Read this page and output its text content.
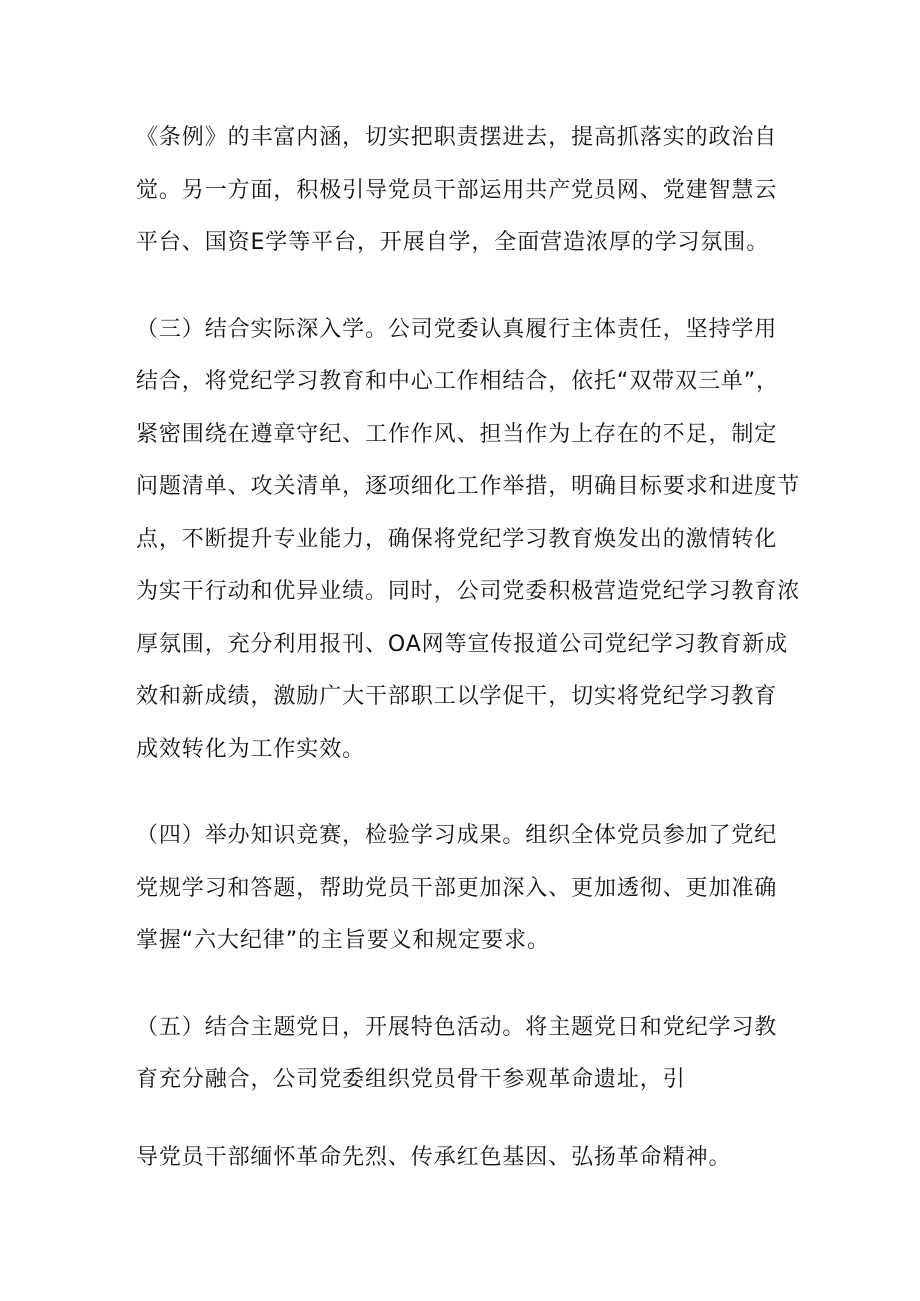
《条例》的丰富内涵，切实把职责摆进去，提高抓落实的政治自

觉。另一方面，积极引导党员干部运用共产党员网、党建智慧云

平台、国资E学等平台，开展自学，全面营造浓厚的学习氛围。

（三）结合实际深入学。公司党委认真履行主体责任，坚持学用

结合，将党纪学习教育和中心工作相结合，依托“双带双三单”，

紧密围绕在遵章守纪、工作作风、担当作为上存在的不足，制定

问题清单、攻关清单，逐项细化工作举措，明确目标要求和进度节

点，不断提升专业能力，确保将党纪学习教育焕发出的激情转化

为实干行动和优异业绩。同时，公司党委积极营造党纪学习教育浓

厚氛围，充分利用报刊、OA网等宣传报道公司党纪学习教育新成

效和新成绩，激励广大干部职工以学促干，切实将党纪学习教育

成效转化为工作实效。

（四）举办知识竞赛，检验学习成果。组织全体党员参加了党纪

党规学习和答题，帮助党员干部更加深入、更加透彻、更加准确

掌握“六大纪律”的主旨要义和规定要求。

（五）结合主题党日，开展特色活动。将主题党日和党纪学习教

育充分融合，公司党委组织党员骨干参观革命遗址，引

导党员干部缅怀革命先烈、传承红色基因、弘扬革命精神。
